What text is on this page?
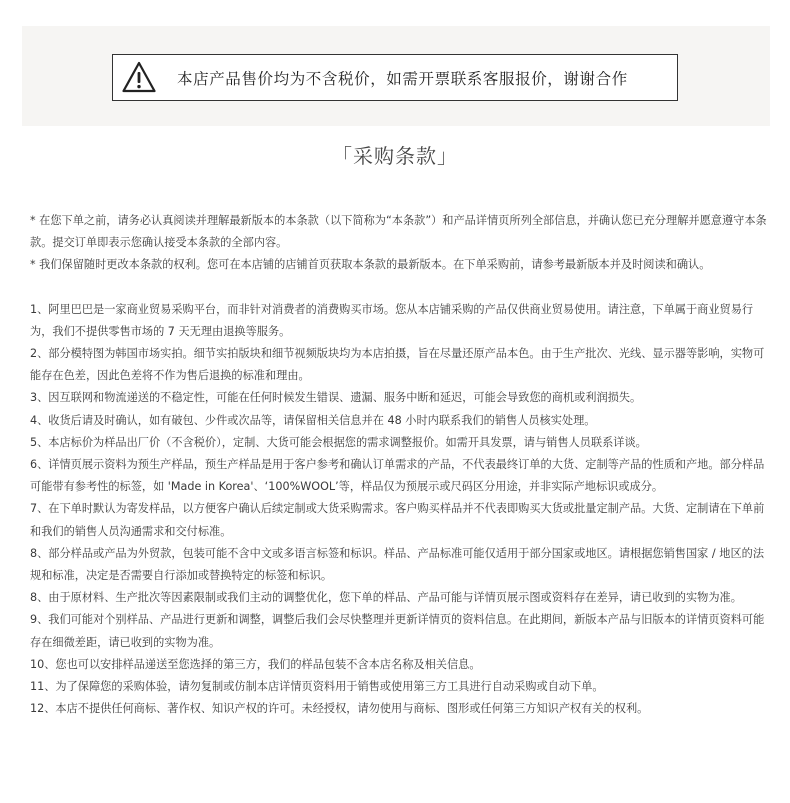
本店产品售价均为不含税价，如需开票联系客服报价，谢谢合作
「采购条款」

* 在您下单之前，请务必认真阅读并理解最新版本的本条款（以下简称为“本条款”）和产品详情页所列全部信息，并确认您已充分理解并愿意遵守本条款。提交订单即表示您确认接受本条款的全部内容。

* 我们保留随时更改本条款的权利。您可在本店铺的店铺首页获取本条款的最新版本。在下单采购前，请参考最新版本并及时阅读和确认。

1、阿里巴巴是一家商业贸易采购平台，而非针对消费者的消费购买市场。您从本店铺采购的产品仅供商业贸易使用。请注意，下单属于商业贸易行为，我们不提供零售市场的 7 天无理由退换等服务。

2、部分模特图为韩国市场实拍。细节实拍版块和细节视频版块均为本店拍摄，旨在尽量还原产品本色。由于生产批次、光线、显示器等影响，实物可能存在色差，因此色差将不作为售后退换的标准和理由。

3、因互联网和物流递送的不稳定性，可能在任何时候发生错误、遗漏、服务中断和延迟，可能会导致您的商机或利润损失。

4、收货后请及时确认，如有破包、少件或次品等，请保留相关信息并在 48 小时内联系我们的销售人员核实处理。

5、本店标价为样品出厂价（不含税价），定制、大货可能会根据您的需求调整报价。如需开具发票，请与销售人员联系详谈。

6、详情页展示资料为预生产样品，预生产样品是用于客户参考和确认订单需求的产品，不代表最终订单的大货、定制等产品的性质和产地。部分样品可能带有参考性的标签，如 'Made in Korea'、‘100%WOOL’等，样品仅为预展示或尺码区分用途，并非实际产地标识或成分。

7、在下单时默认为寄发样品，以方便客户确认后续定制或大货采购需求。客户购买样品并不代表即购买大货或批量定制产品。大货、定制请在下单前和我们的销售人员沟通需求和交付标准。

8、部分样品或产品为外贸款，包装可能不含中文或多语言标签和标识。样品、产品标准可能仅适用于部分国家或地区。请根据您销售国家 / 地区的法规和标准，决定是否需要自行添加或替换特定的标签和标识。

8、由于原材料、生产批次等因素限制或我们主动的调整优化，您下单的样品、产品可能与详情页展示图或资料存在差异，请已收到的实物为准。

9、我们可能对个别样品、产品进行更新和调整，调整后我们会尽快整理并更新详情页的资料信息。在此期间，新版本产品与旧版本的详情页资料可能存在细微差距，请已收到的实物为准。

10、您也可以安排样品递送至您选择的第三方，我们的样品包装不含本店名称及相关信息。

11、为了保障您的采购体验，请勿复制或仿制本店详情页资料用于销售或使用第三方工具进行自动采购或自动下单。

12、本店不提供任何商标、著作权、知识产权的许可。未经授权，请勿使用与商标、图形或任何第三方知识产权有关的权利。
